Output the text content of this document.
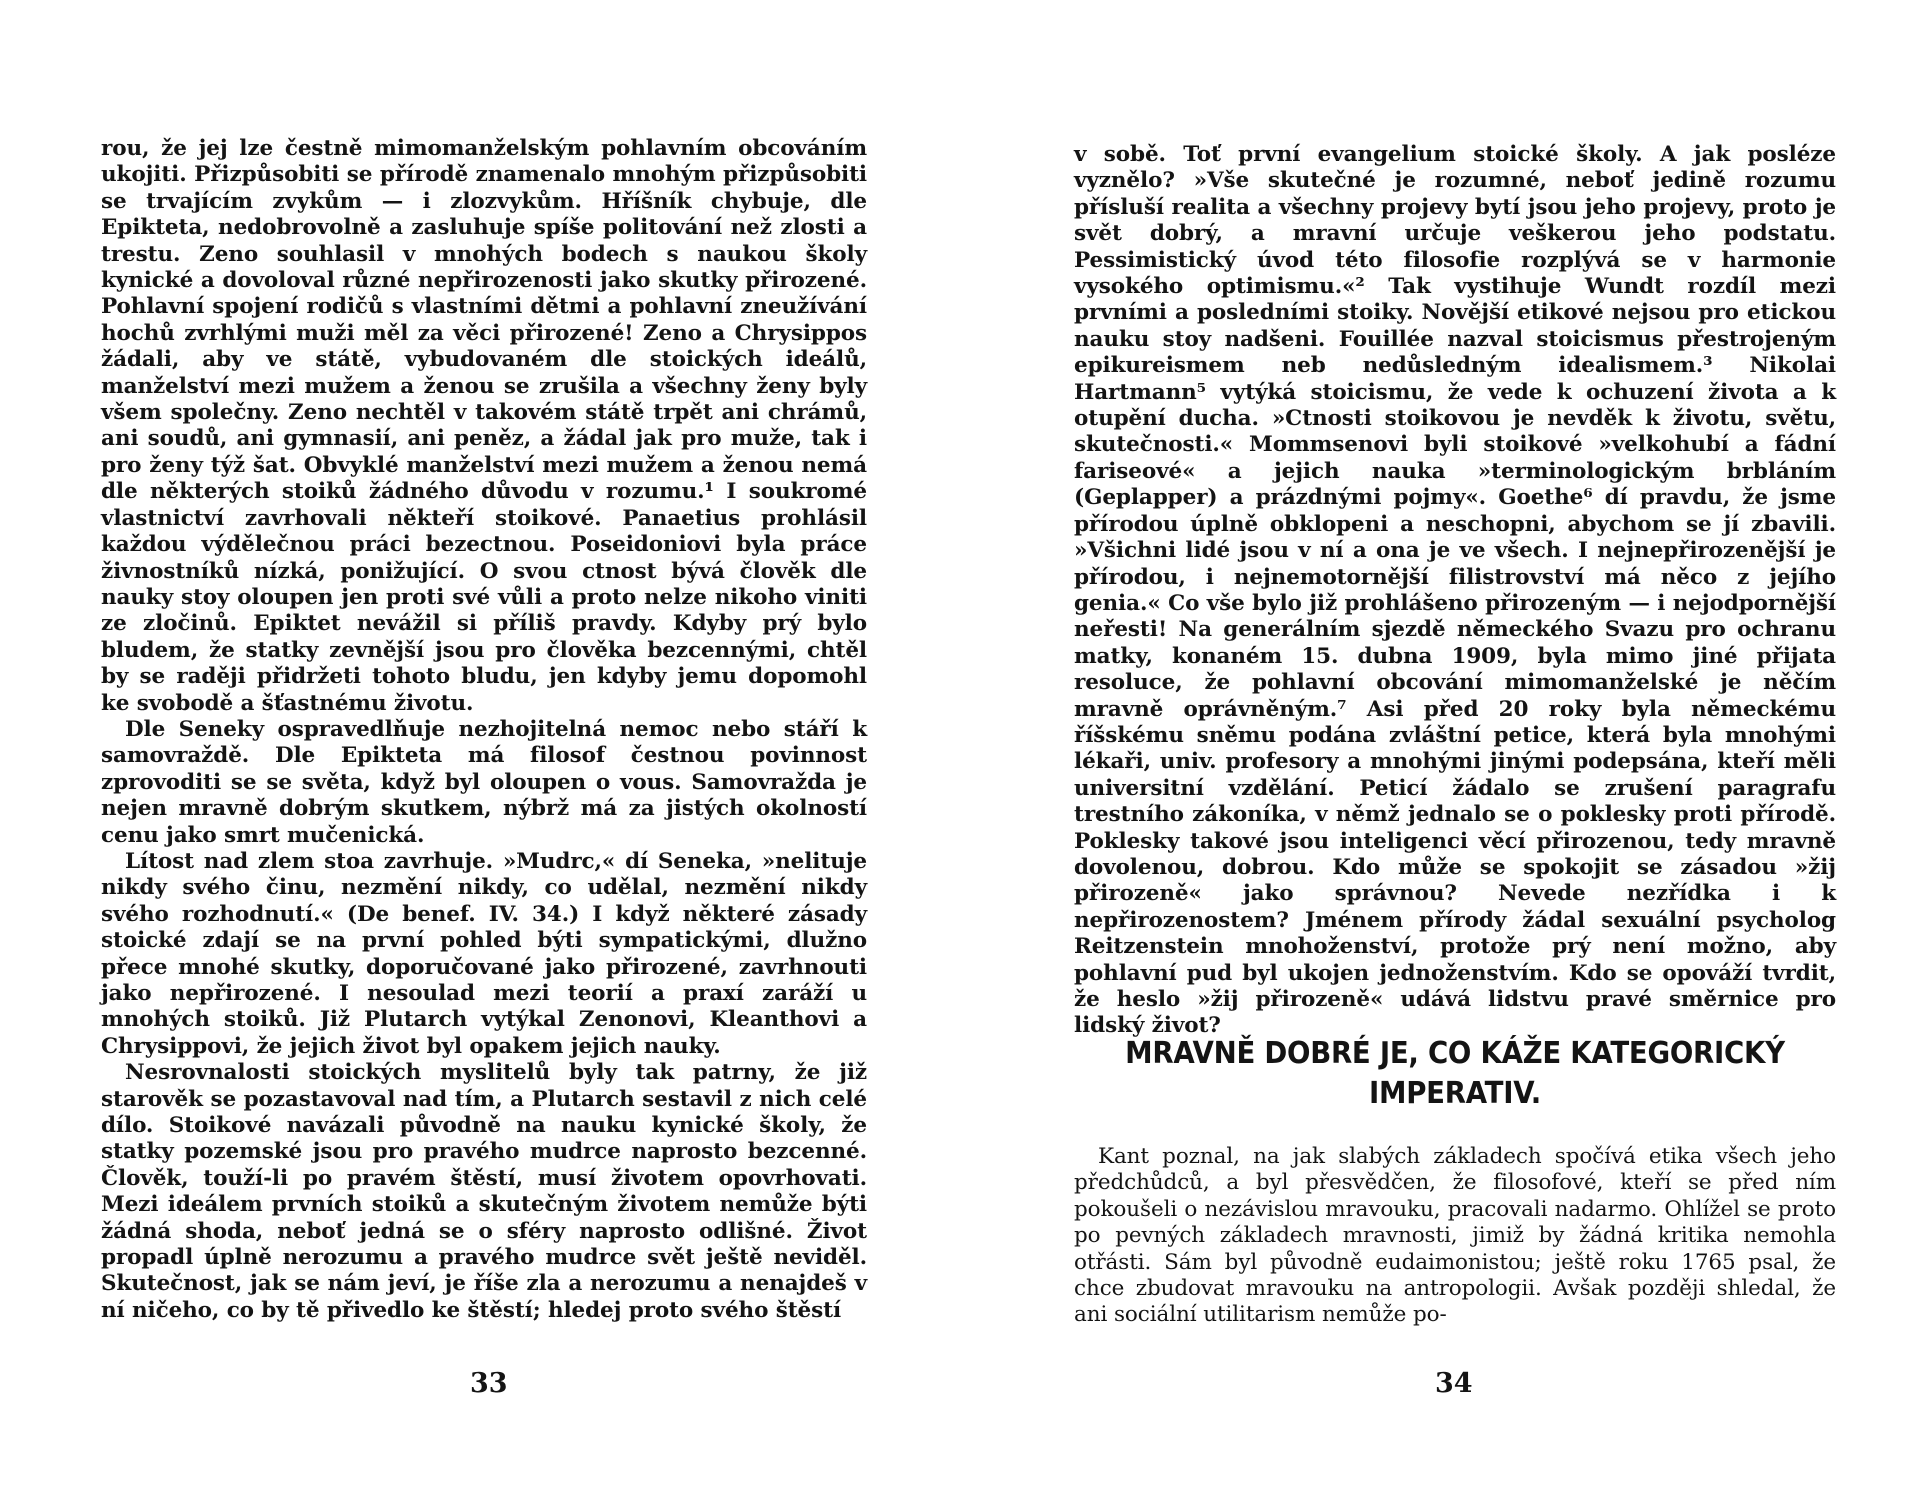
rou, že jej lze čestně mimomanželským pohlavním obcováním ukojiti. Přizpůsobiti se přírodě znamenalo mnohým přizpůsobiti se trvajícím zvykům — i zlozvykům. Hříšník chybuje, dle Epikteta, nedobrovolně a zasluhuje spíše politování než zlosti a trestu. Zeno souhlasil v mnohých bodech s naukou školy kynické a dovoloval různé nepřirozenosti jako skutky přirozené. Pohlavní spojení rodičů s vlastními dětmi a pohlavní zneužívání hochů zvrhlými muži měl za věci přirozené! Zeno a Chrysippos žádali, aby ve státě, vybudovaném dle stoických ideálů, manželství mezi mužem a ženou se zrušila a všechny ženy byly všem společny. Zeno nechtěl v takovém státě trpět ani chrámů, ani soudů, ani gymnasií, ani peněz, a žádal jak pro muže, tak i pro ženy týž šat. Obvyklé manželství mezi mužem a ženou nemá dle některých stoiků žádného důvodu v rozumu.¹ I soukromé vlastnictví zavrhovali někteří stoikové. Panaetius prohlásil každou výdělečnou práci bezectnou. Poseidoniovi byla práce živnostníků nízká, ponižující. O svou ctnost bývá člověk dle nauky stoy oloupen jen proti své vůli a proto nelze nikoho viniti ze zločinů. Epiktet nevážil si příliš pravdy. Kdyby prý bylo bludem, že statky zevnější jsou pro člověka bezcennými, chtěl by se raději přidržeti tohoto bludu, jen kdyby jemu dopomohl ke svobodě a šťastnému životu.

Dle Seneky ospravedlňuje nezhojitelná nemoc nebo stáří k samovraždě. Dle Epikteta má filosof čestnou povinnost zprovoditi se se světa, když byl oloupen o vous. Samovražda je nejen mravně dobrým skutkem, nýbrž má za jistých okolností cenu jako smrt mučenická.

Lítost nad zlem stoa zavrhuje. »Mudrc,« dí Seneka, »nelituje nikdy svého činu, nezmění nikdy, co udělal, nezmění nikdy svého rozhodnutí.« (De benef. IV. 34.) I když některé zásady stoické zdají se na první pohled býti sympatickými, dlužno přece mnohé skutky, doporučované jako přirozené, zavrhnouti jako nepřirozené. I nesoulad mezi teorií a praxí zaráží u mnohých stoiků. Již Plutarch vytýkal Zenonovi, Kleanthovi a Chrysippovi, že jejich život byl opakem jejich nauky.

Nesrovnalosti stoických myslitelů byly tak patrny, že již starověk se pozastavoval nad tím, a Plutarch sestavil z nich celé dílo. Stoikové navázali původně na nauku kynické školy, že statky pozemské jsou pro pravého mudrce naprosto bezcenné. Člověk, touží-li po pravém štěstí, musí životem opovrhovati. Mezi ideálem prvních stoiků a skutečným životem nemůže býti žádná shoda, neboť jedná se o sféry naprosto odlišné. Život propadl úplně nerozumu a pravého mudrce svět ještě neviděl. Skutečnost, jak se nám jeví, je říše zla a nerozumu a nenajdeš v ní ničeho, co by tě přivedlo ke štěstí; hledej proto svého štěstí

33

v sobě. Toť první evangelium stoické školy. A jak posléze vyznělo? »Vše skutečné je rozumné, neboť jedině rozumu přísluší realita a všechny projevy bytí jsou jeho projevy, proto je svět dobrý, a mravní určuje veškerou jeho podstatu. Pessimistický úvod této filosofie rozplývá se v harmonie vysokého optimismu.«² Tak vystihuje Wundt rozdíl mezi prvními a posledními stoiky. Novější etikové nejsou pro etickou nauku stoy nadšeni. Fouillée nazval stoicismus přestrojeným epikureismem neb nedůsledným idealismem.³ Nikolai Hartmann⁵ vytýká stoicismu, že vede k ochuzení života a k otupění ducha. »Ctnosti stoikovou je nevděk k životu, světu, skutečnosti.« Mommsenovi byli stoikové »velkohubí a fádní fariseové« a jejich nauka »terminologickým brbláním (Geplapper) a prázdnými pojmy«. Goethe⁶ dí pravdu, že jsme přírodou úplně obklopeni a neschopni, abychom se jí zbavili. »Všichni lidé jsou v ní a ona je ve všech. I nejnepřirozenější je přírodou, i nejnemotornější filistrovství má něco z jejího genia.« Co vše bylo již prohlášeno přirozeným — i nejodpornější neřesti! Na generálním sjezdě německého Svazu pro ochranu matky, konaném 15. dubna 1909, byla mimo jiné přijata resoluce, že pohlavní obcování mimomanželské je něčím mravně oprávněným.⁷ Asi před 20 roky byla německému říšskému sněmu podána zvláštní petice, která byla mnohými lékaři, univ. profesory a mnohými jinými podepsána, kteří měli universitní vzdělání. Peticí žádalo se zrušení paragrafu trestního zákoníka, v němž jednalo se o poklesky proti přírodě. Poklesky takové jsou inteligenci věcí přirozenou, tedy mravně dovolenou, dobrou. Kdo může se spokojit se zásadou »žij přirozeně« jako správnou? Nevede nezřídka i k nepřirozenostem? Jménem přírody žádal sexuální psycholog Reitzenstein mnohoženství, protože prý není možno, aby pohlavní pud byl ukojen jednoženstvím. Kdo se opováží tvrdit, že heslo »žij přirozeně« udává lidstvu pravé směrnice pro lidský život?

MRAVNĚ DOBRÉ JE, CO KÁŽE KATEGORICKÝ IMPERATIV.

Kant poznal, na jak slabých základech spočívá etika všech jeho předchůdců, a byl přesvědčen, že filosofové, kteří se před ním pokoušeli o nezávislou mravouku, pracovali nadarmo. Ohlížel se proto po pevných základech mravnosti, jimiž by žádná kritika nemohla otřásti. Sám byl původně eudaimonistou; ještě roku 1765 psal, že chce zbudovat mravouku na antropologii. Avšak později shledal, že ani sociální utilitarism nemůže po-

34
